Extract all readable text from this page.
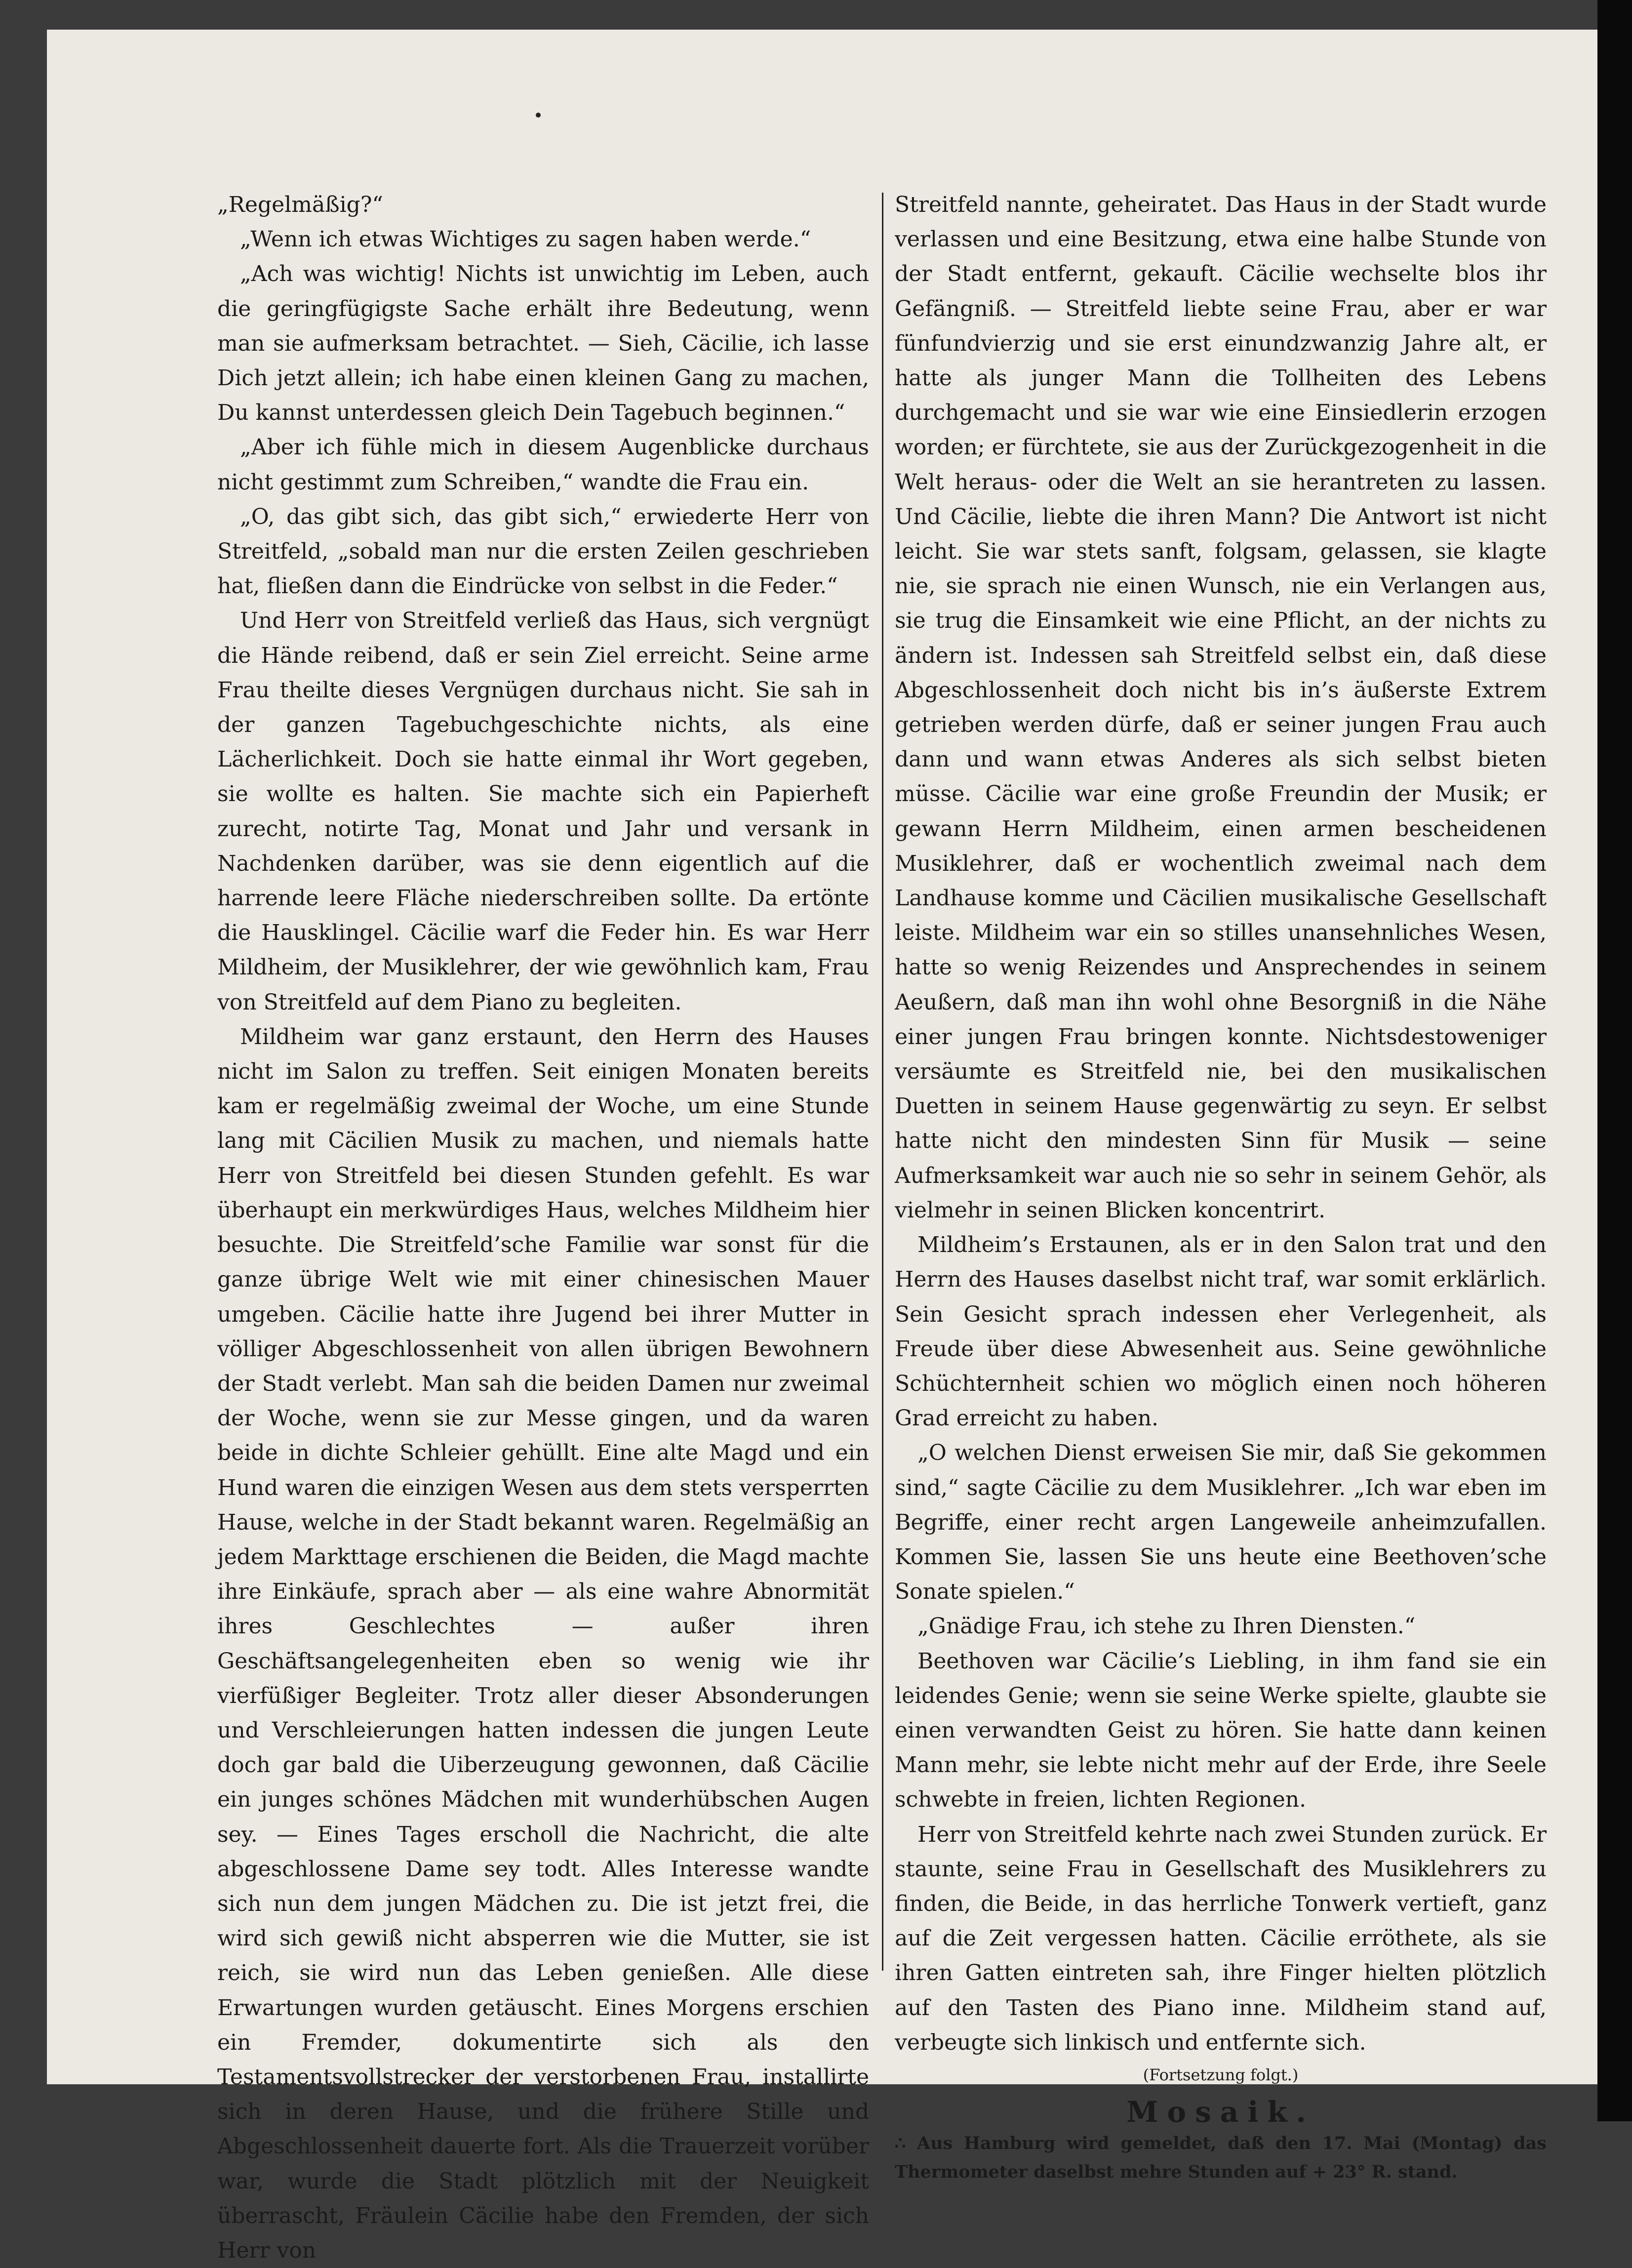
„Regelmäßig?“

„Wenn ich etwas Wichtiges zu sagen haben werde.“

„Ach was wichtig! Nichts ist unwichtig im Leben, auch die geringfügigste Sache erhält ihre Bedeutung, wenn man sie aufmerksam betrachtet. — Sieh, Cäcilie, ich lasse Dich jetzt allein; ich habe einen kleinen Gang zu machen, Du kannst unterdessen gleich Dein Tagebuch beginnen.“

„Aber ich fühle mich in diesem Augenblicke durchaus nicht gestimmt zum Schreiben,“ wandte die Frau ein.

„O, das gibt sich, das gibt sich,“ erwiederte Herr von Streitfeld, „sobald man nur die ersten Zeilen geschrieben hat, fließen dann die Eindrücke von selbst in die Feder.“

Und Herr von Streitfeld verließ das Haus, sich vergnügt die Hände reibend, daß er sein Ziel erreicht. Seine arme Frau theilte dieses Vergnügen durchaus nicht. Sie sah in der ganzen Tagebuchgeschichte nichts, als eine Lächerlichkeit. Doch sie hatte einmal ihr Wort gegeben, sie wollte es halten. Sie machte sich ein Papierheft zurecht, notirte Tag, Monat und Jahr und versank in Nachdenken darüber, was sie denn eigentlich auf die harrende leere Fläche niederschreiben sollte. Da ertönte die Hausklingel. Cäcilie warf die Feder hin. Es war Herr Mildheim, der Musiklehrer, der wie gewöhnlich kam, Frau von Streitfeld auf dem Piano zu begleiten.

Mildheim war ganz erstaunt, den Herrn des Hauses nicht im Salon zu treffen. Seit einigen Monaten bereits kam er regelmäßig zweimal der Woche, um eine Stunde lang mit Cäcilien Musik zu machen, und niemals hatte Herr von Streitfeld bei diesen Stunden gefehlt. Es war überhaupt ein merkwürdiges Haus, welches Mildheim hier besuchte. Die Streitfeld’sche Familie war sonst für die ganze übrige Welt wie mit einer chinesischen Mauer umgeben. Cäcilie hatte ihre Jugend bei ihrer Mutter in völliger Abgeschlossenheit von allen übrigen Bewohnern der Stadt verlebt. Man sah die beiden Damen nur zweimal der Woche, wenn sie zur Messe gingen, und da waren beide in dichte Schleier gehüllt. Eine alte Magd und ein Hund waren die einzigen Wesen aus dem stets versperrten Hause, welche in der Stadt bekannt waren. Regelmäßig an jedem Markttage erschienen die Beiden, die Magd machte ihre Einkäufe, sprach aber — als eine wahre Abnormität ihres Geschlechtes — außer ihren Geschäftsangelegenheiten eben so wenig wie ihr vierfüßiger Begleiter. Trotz aller dieser Absonderungen und Verschleierungen hatten indessen die jungen Leute doch gar bald die Uiberzeugung gewonnen, daß Cäcilie ein junges schönes Mädchen mit wunderhübschen Augen sey. — Eines Tages erscholl die Nachricht, die alte abgeschlossene Dame sey todt. Alles Interesse wandte sich nun dem jungen Mädchen zu. Die ist jetzt frei, die wird sich gewiß nicht absperren wie die Mutter, sie ist reich, sie wird nun das Leben genießen. Alle diese Erwartungen wurden getäuscht. Eines Morgens erschien ein Fremder, dokumentirte sich als den Testamentsvollstrecker der verstorbenen Frau, installirte sich in deren Hause, und die frühere Stille und Abgeschlossenheit dauerte fort. Als die Trauerzeit vorüber war, wurde die Stadt plötzlich mit der Neuigkeit überrascht, Fräulein Cäcilie habe den Fremden, der sich Herr von

Streitfeld nannte, geheiratet. Das Haus in der Stadt wurde verlassen und eine Besitzung, etwa eine halbe Stunde von der Stadt entfernt, gekauft. Cäcilie wechselte blos ihr Gefängniß. — Streitfeld liebte seine Frau, aber er war fünfundvierzig und sie erst einundzwanzig Jahre alt, er hatte als junger Mann die Tollheiten des Lebens durchgemacht und sie war wie eine Einsiedlerin erzogen worden; er fürchtete, sie aus der Zurückgezogenheit in die Welt heraus- oder die Welt an sie herantreten zu lassen. Und Cäcilie, liebte die ihren Mann? Die Antwort ist nicht leicht. Sie war stets sanft, folgsam, gelassen, sie klagte nie, sie sprach nie einen Wunsch, nie ein Verlangen aus, sie trug die Einsamkeit wie eine Pflicht, an der nichts zu ändern ist. Indessen sah Streitfeld selbst ein, daß diese Abgeschlossenheit doch nicht bis in’s äußerste Extrem getrieben werden dürfe, daß er seiner jungen Frau auch dann und wann etwas Anderes als sich selbst bieten müsse. Cäcilie war eine große Freundin der Musik; er gewann Herrn Mildheim, einen armen bescheidenen Musiklehrer, daß er wochentlich zweimal nach dem Landhause komme und Cäcilien musikalische Gesellschaft leiste. Mildheim war ein so stilles unansehnliches Wesen, hatte so wenig Reizendes und Ansprechendes in seinem Aeußern, daß man ihn wohl ohne Besorgniß in die Nähe einer jungen Frau bringen konnte. Nichtsdestoweniger versäumte es Streitfeld nie, bei den musikalischen Duetten in seinem Hause gegenwärtig zu seyn. Er selbst hatte nicht den mindesten Sinn für Musik — seine Aufmerksamkeit war auch nie so sehr in seinem Gehör, als vielmehr in seinen Blicken koncentrirt.

Mildheim’s Erstaunen, als er in den Salon trat und den Herrn des Hauses daselbst nicht traf, war somit erklärlich. Sein Gesicht sprach indessen eher Verlegenheit, als Freude über diese Abwesenheit aus. Seine gewöhnliche Schüchternheit schien wo möglich einen noch höheren Grad erreicht zu haben.

„O welchen Dienst erweisen Sie mir, daß Sie gekommen sind,“ sagte Cäcilie zu dem Musiklehrer. „Ich war eben im Begriffe, einer recht argen Langeweile anheimzufallen. Kommen Sie, lassen Sie uns heute eine Beethoven’sche Sonate spielen.“

„Gnädige Frau, ich stehe zu Ihren Diensten.“

Beethoven war Cäcilie’s Liebling, in ihm fand sie ein leidendes Genie; wenn sie seine Werke spielte, glaubte sie einen verwandten Geist zu hören. Sie hatte dann keinen Mann mehr, sie lebte nicht mehr auf der Erde, ihre Seele schwebte in freien, lichten Regionen.

Herr von Streitfeld kehrte nach zwei Stunden zurück. Er staunte, seine Frau in Gesellschaft des Musiklehrers zu finden, die Beide, in das herrliche Tonwerk vertieft, ganz auf die Zeit vergessen hatten. Cäcilie erröthete, als sie ihren Gatten eintreten sah, ihre Finger hielten plötzlich auf den Tasten des Piano inne. Mildheim stand auf, verbeugte sich linkisch und entfernte sich.

(Fortsetzung folgt.)

Mosaik.

∴ Aus Hamburg wird gemeldet, daß den 17. Mai (Montag) das Thermometer daselbst mehre Stunden auf + 23° R. stand.
